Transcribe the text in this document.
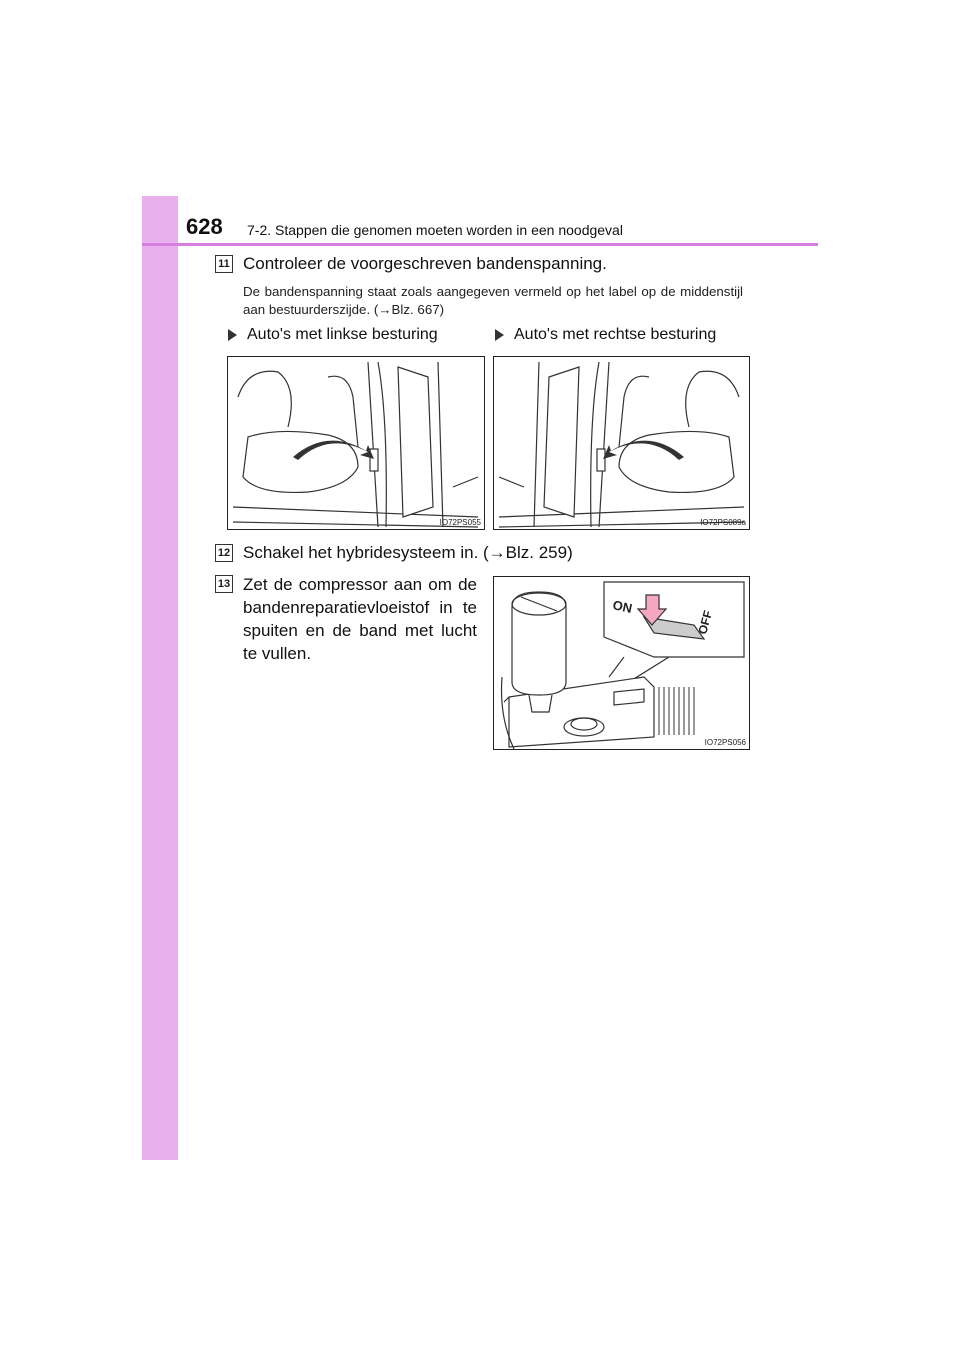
628 7-2. Stappen die genomen moeten worden in een noodgeval
11 Controleer de voorgeschreven bandenspanning.
De bandenspanning staat zoals aangegeven vermeld op het label op de middenstijl aan bestuurderszijde. (→Blz. 667)
Auto's met linkse besturing	Auto's met rechtse besturing
IO72PS055	IO72PS089a
12 Schakel het hybridesysteem in. (→Blz. 259)
13 Zet de compressor aan om de bandenreparatievloeistof in te spuiten en de band met lucht te vullen.
ON
OFF
IO72PS056
